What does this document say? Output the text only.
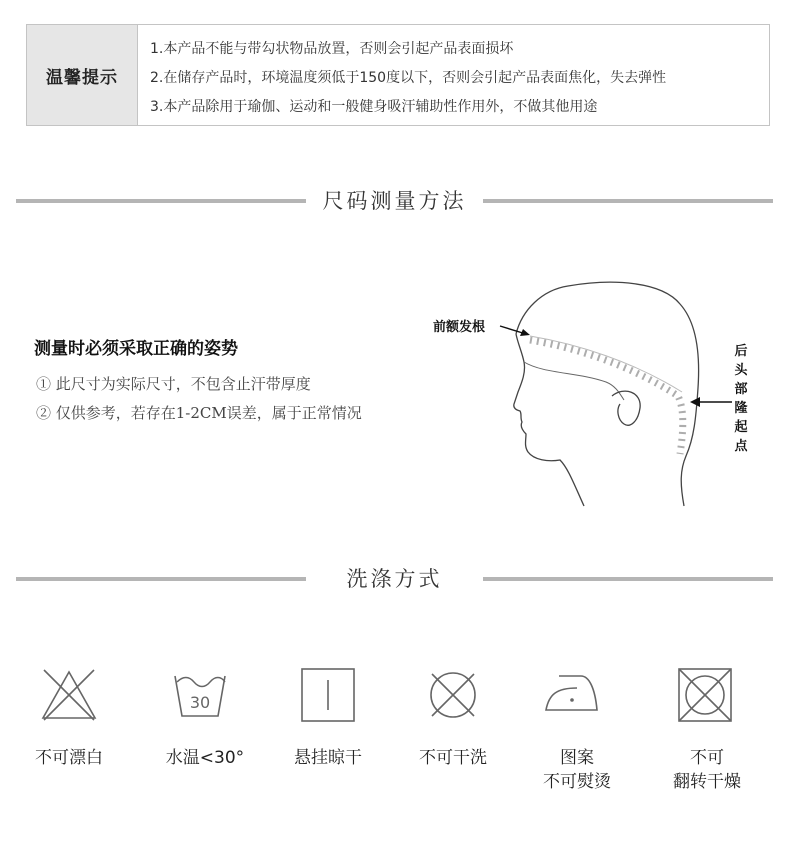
温馨提示
1.本产品不能与带勾状物品放置，否则会引起产品表面损坏
2.在储存产品时，环境温度须低于150度以下，否则会引起产品表面焦化，失去弹性
3.本产品除用于瑜伽、运动和一般健身吸汗辅助性作用外，不做其他用途
尺码测量方法
测量时必须采取正确的姿势
① 此尺寸为实际尺寸，不包含止汗带厚度
② 仅供参考，若存在1-2CM误差，属于正常情况
前额发根
后头部隆起点
洗涤方式
30
不可漂白	水温<30°	悬挂晾干	不可干洗	图案
不可熨烫
不可
翻转干燥
